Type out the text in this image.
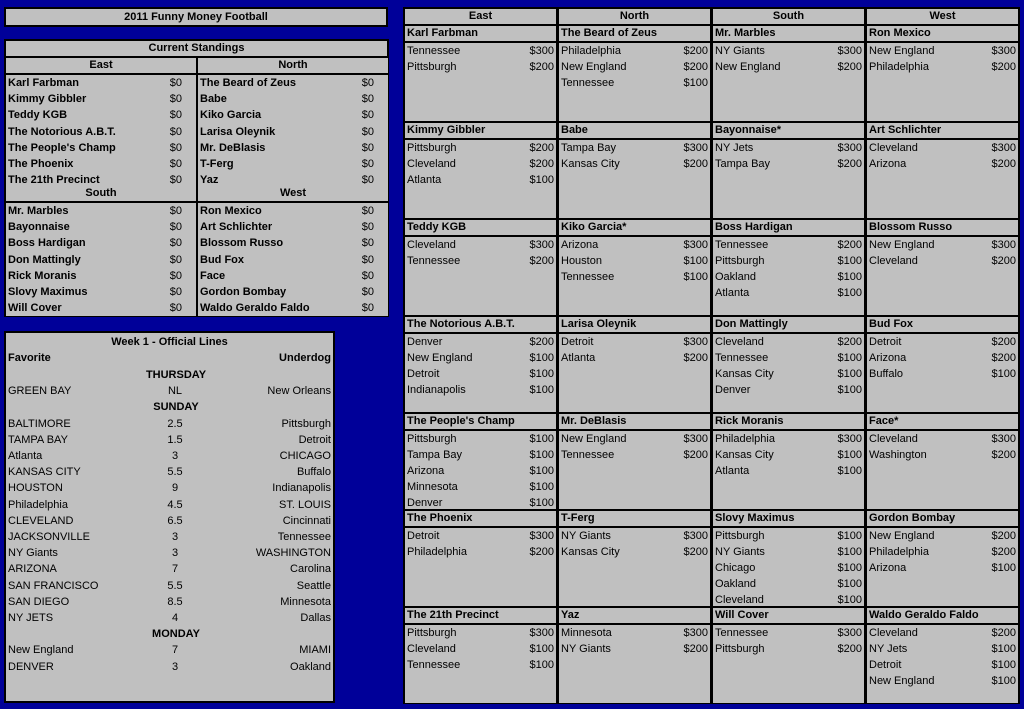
2011 Funny Money Football
Current Standings
East
Karl Farbman	$0
Kimmy Gibbler	$0
Teddy KGB	$0
The Notorious A.B.T.	$0
The People's Champ	$0
The Phoenix	$0
The 21th Precinct	$0
North
The Beard of Zeus	$0
Babe	$0
Kiko Garcia	$0
Larisa Oleynik	$0
Mr. DeBlasis	$0
T-Ferg	$0
Yaz	$0
South
Mr. Marbles	$0
Bayonnaise	$0
Boss Hardigan	$0
Don Mattingly	$0
Rick Moranis	$0
Slovy Maximus	$0
Will Cover	$0
West
Ron Mexico	$0
Art Schlichter	$0
Blossom Russo	$0
Bud Fox	$0
Face	$0
Gordon Bombay	$0
Waldo Geraldo Faldo	$0
Week 1 - Official Lines
Favorite	Underdog
THURSDAY
GREEN BAY	NL	New Orleans
SUNDAY
BALTIMORE	2.5	Pittsburgh
TAMPA BAY	1.5	Detroit
Atlanta	3	CHICAGO
KANSAS CITY	5.5	Buffalo
HOUSTON	9	Indianapolis
Philadelphia	4.5	ST. LOUIS
CLEVELAND	6.5	Cincinnati
JACKSONVILLE	3	Tennessee
NY Giants	3	WASHINGTON
ARIZONA	7	Carolina
SAN FRANCISCO	5.5	Seattle
SAN DIEGO	8.5	Minnesota
NY JETS	4	Dallas
MONDAY
New England	7	MIAMI
DENVER	3	Oakland
East	North	South	West
Karl Farbman
Tennessee	$300
Pittsburgh	$200
The Beard of Zeus
Philadelphia	$200
New England	$200
Tennessee	$100
Mr. Marbles
NY Giants	$300
New England	$200
Ron Mexico
New England	$300
Philadelphia	$200
Kimmy Gibbler
Pittsburgh	$200
Cleveland	$200
Atlanta	$100
Babe
Tampa Bay	$300
Kansas City	$200
Bayonnaise*
NY Jets	$300
Tampa Bay	$200
Art Schlichter
Cleveland	$300
Arizona	$200
Teddy KGB
Cleveland	$300
Tennessee	$200
Kiko Garcia*
Arizona	$300
Houston	$100
Tennessee	$100
Boss Hardigan
Tennessee	$200
Pittsburgh	$100
Oakland	$100
Atlanta	$100
Blossom Russo
New England	$300
Cleveland	$200
The Notorious A.B.T.
Denver	$200
New England	$100
Detroit	$100
Indianapolis	$100
Larisa Oleynik
Detroit	$300
Atlanta	$200
Don Mattingly
Cleveland	$200
Tennessee	$100
Kansas City	$100
Denver	$100
Bud Fox
Detroit	$200
Arizona	$200
Buffalo	$100
The People's Champ
Pittsburgh	$100
Tampa Bay	$100
Arizona	$100
Minnesota	$100
Denver	$100
Mr. DeBlasis
New England	$300
Tennessee	$200
Rick Moranis
Philadelphia	$300
Kansas City	$100
Atlanta	$100
Face*
Cleveland	$300
Washington	$200
The Phoenix
Detroit	$300
Philadelphia	$200
T-Ferg
NY Giants	$300
Kansas City	$200
Slovy Maximus
Pittsburgh	$100
NY Giants	$100
Chicago	$100
Oakland	$100
Cleveland	$100
Gordon Bombay
New England	$200
Philadelphia	$200
Arizona	$100
The 21th Precinct
Pittsburgh	$300
Cleveland	$100
Tennessee	$100
Yaz
Minnesota	$300
NY Giants	$200
Will Cover
Tennessee	$300
Pittsburgh	$200
Waldo Geraldo Faldo
Cleveland	$200
NY Jets	$100
Detroit	$100
New England	$100
